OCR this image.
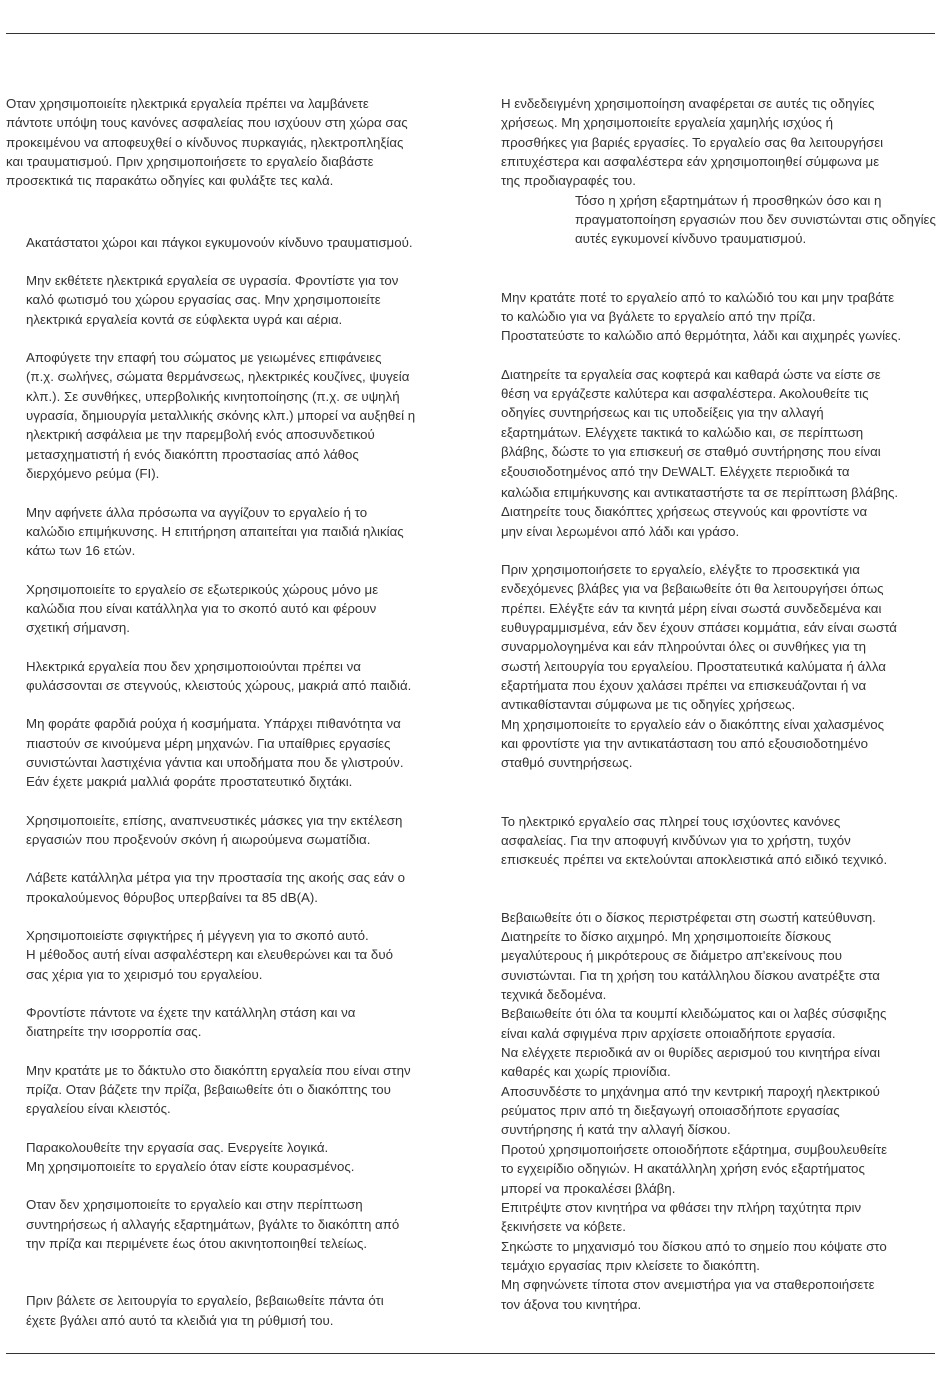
Οταν χρησιμοποιείτε ηλεκτρικά εργαλεία πρέπει να λαμβάνετε
πάντοτε υπόψη τους κανόνες ασφαλείας που ισχύουν στη χώρα σας
προκειμένου να αποφευχθεί ο κίνδυνος πυρκαγιάς, ηλεκτροπληξίας
και τραυματισμού. Πριν χρησιμοποιήσετε το εργαλείο διαβάστε
προσεκτικά τις παρακάτω οδηγίες και φυλάξτε τες καλά.

Ακατάστατοι χώροι και πάγκοι εγκυμονούν κίνδυνο τραυματισμού.

Μην εκθέτετε ηλεκτρικά εργαλεία σε υγρασία. Φροντίστε για τον
καλό φωτισμό του χώρου εργασίας σας. Μην χρησιμοποιείτε
ηλεκτρικά εργαλεία κοντά σε εύφλεκτα υγρά και αέρια.

Αποφύγετε την επαφή του σώματος με γειωμένες επιφάνειες
(π.χ. σωλήνες, σώματα θερμάνσεως, ηλεκτρικές κουζίνες, ψυγεία
κλπ.). Σε συνθήκες, υπερβολικής κινητοποίησης (π.χ. σε υψηλή
υγρασία, δημιουργία μεταλλικής σκόνης κλπ.) μπορεί να αυξηθεί η
ηλεκτρική ασφάλεια με την παρεμβολή ενός αποσυνδετικού
μετασχηματιστή ή ενός διακόπτη προστασίας από λάθος
διερχόμενο ρεύμα (FI).

Μην αφήνετε άλλα πρόσωπα να αγγίζουν το εργαλείο ή το
καλώδιο επιμήκυνσης. Η επιτήρηση απαιτείται για παιδιά ηλικίας
κάτω των 16 ετών.

Χρησιμοποιείτε το εργαλείο σε εξωτερικούς χώρους μόνο με
καλώδια που είναι κατάλληλα για το σκοπό αυτό και φέρουν
σχετική σήμανση.

Ηλεκτρικά εργαλεία που δεν χρησιμοποιούνται πρέπει να
φυλάσσονται σε στεγνούς, κλειστούς χώρους, μακριά από παιδιά.

Μη φοράτε φαρδιά ρούχα ή κοσμήματα. Υπάρχει πιθανότητα να
πιαστούν σε κινούμενα μέρη μηχανών. Για υπαίθριες εργασίες
συνιστώνται λαστιχένια γάντια και υποδήματα που δε γλιστρούν.
Εάν έχετε μακριά μαλλιά φοράτε προστατευτικό διχτάκι.

Χρησιμοποιείτε, επίσης, αναπνευστικές μάσκες για την εκτέλεση
εργασιών που προξενούν σκόνη ή αιωρούμενα σωματίδια.

Λάβετε κατάλληλα μέτρα για την προστασία της ακοής σας εάν ο
προκαλούμενος θόρυβος υπερβαίνει τα 85 dB(A).

Χρησιμοποιείστε σφιγκτήρες ή μέγγενη για το σκοπό αυτό.
Η μέθοδος αυτή είναι ασφαλέστερη και ελευθερώνει και τα δυό
σας χέρια για το χειρισμό του εργαλείου.

Φροντίστε πάντοτε να έχετε την κατάλληλη στάση και να
διατηρείτε την ισορροπία σας.

Μην κρατάτε με το δάκτυλο στο διακόπτη εργαλεία που είναι στην
πρίζα. Οταν βάζετε την πρίζα, βεβαιωθείτε ότι ο διακόπτης του
εργαλείου είναι κλειστός.

Παρακολουθείτε την εργασία σας. Ενεργείτε λογικά.
Μη χρησιμοποιείτε το εργαλείο όταν είστε κουρασμένος.

Οταν δεν χρησιμοποιείτε το εργαλείο και στην περίπτωση
συντηρήσεως ή αλλαγής εξαρτημάτων, βγάλτε το διακόπτη από
την πρίζα και περιμένετε έως ότου ακινητοποιηθεί τελείως.

Πριν βάλετε σε λειτουργία το εργαλείο, βεβαιωθείτε πάντα ότι
έχετε βγάλει από αυτό τα κλειδιά για τη ρύθμισή του.

Η ενδεδειγμένη χρησιμοποίηση αναφέρεται σε αυτές τις οδηγίες
χρήσεως. Μη χρησιμοποιείτε εργαλεία χαμηλής ισχύος ή
προσθήκες για βαριές εργασίες. Το εργαλείο σας θα λειτουργήσει
επιτυχέστερα και ασφαλέστερα εάν χρησιμοποιηθεί σύμφωνα με
της προδιαγραφές του.

Τόσο η χρήση εξαρτημάτων ή προσθηκών όσο και η
πραγματοποίηση εργασιών που δεν συνιστώνται στις οδηγίες
αυτές εγκυμονεί κίνδυνο τραυματισμού.

Μην κρατάτε ποτέ το εργαλείο από το καλώδιό του και μην τραβάτε
το καλώδιο για να βγάλετε το εργαλείο από την πρίζα.
Προστατεύστε το καλώδιο από θερμότητα, λάδι και αιχμηρές γωνίες.

Διατηρείτε τα εργαλεία σας κοφτερά και καθαρά ώστε να είστε σε
θέση να εργάζεστε καλύτερα και ασφαλέστερα. Ακολουθείτε τις
οδηγίες συντηρήσεως και τις υποδείξεις για την αλλαγή
εξαρτημάτων. Ελέγχετε τακτικά το καλώδιο και, σε περίπτωση
βλάβης, δώστε το για επισκευή σε σταθμό συντήρησης που είναι
εξουσιοδοτημένος από την DEWALT. Ελέγχετε περιοδικά τα
καλώδια επιμήκυνσης και αντικαταστήστε τα σε περίπτωση βλάβης.
Διατηρείτε τους διακόπτες χρήσεως στεγνούς και φροντίστε να
μην είναι λερωμένοι από λάδι και γράσο.

Πριν χρησιμοποιήσετε το εργαλείο, ελέγξτε το προσεκτικά για
ενδεχόμενες βλάβες για να βεβαιωθείτε ότι θα λειτουργήσει όπως
πρέπει. Ελέγξτε εάν τα κινητά μέρη είναι σωστά συνδεδεμένα και
ευθυγραμμισμένα, εάν δεν έχουν σπάσει κομμάτια, εάν είναι σωστά
συναρμολογημένα και εάν πληρούνται όλες οι συνθήκες για τη
σωστή λειτουργία του εργαλείου. Προστατευτικά καλύματα ή άλλα
εξαρτήματα που έχουν χαλάσει πρέπει να επισκευάζονται ή να
αντικαθίστανται σύμφωνα με τις οδηγίες χρήσεως.

Μη χρησιμοποιείτε το εργαλείο εάν ο διακόπτης είναι χαλασμένος
και φροντίστε για την αντικατάσταση του από εξουσιοδοτημένο
σταθμό συντηρήσεως.

Το ηλεκτρικό εργαλείο σας πληρεί τους ισχύοντες κανόνες
ασφαλείας. Για την αποφυγή κινδύνων για το χρήστη, τυχόν
επισκευές πρέπει να εκτελούνται αποκλειστικά από ειδικό τεχνικό.

Βεβαιωθείτε ότι ο δίσκος περιστρέφεται στη σωστή κατεύθυνση.
Διατηρείτε το δίσκο αιχμηρό. Μη χρησιμοποιείτε δίσκους
μεγαλύτερους ή μικρότερους σε διάμετρο απ'εκείνους που
συνιστώνται. Για τη χρήση του κατάλληλου δίσκου ανατρέξτε στα
τεχνικά δεδομένα.

Βεβαιωθείτε ότι όλα τα κουμπί κλειδώματος και οι λαβές σύσφιξης
είναι καλά σφιγμένα πριν αρχίσετε οποιαδήποτε εργασία.

Να ελέγχετε περιοδικά αν οι θυρίδες αερισμού του κινητήρα είναι
καθαρές και χωρίς πριονίδια.

Αποσυνδέστε το μηχάνημα από την κεντρική παροχή ηλεκτρικού
ρεύματος πριν από τη διεξαγωγή οποιασδήποτε εργασίας
συντήρησης ή κατά την αλλαγή δίσκου.

Προτού χρησιμοποιήσετε οποιοδήποτε εξάρτημα, συμβουλευθείτε
το εγχειρίδιο οδηγιών. Η ακατάλληλη χρήση ενός εξαρτήματος
μπορεί να προκαλέσει βλάβη.

Επιτρέψτε στον κινητήρα να φθάσει την πλήρη ταχύτητα πριν
ξεκινήσετε να κόβετε.

Σηκώστε το μηχανισμό του δίσκου από το σημείο που κόψατε στο
τεμάχιο εργασίας πριν κλείσετε το διακόπτη.

Μη σφηνώνετε τίποτα στον ανεμιστήρα για να σταθεροποιήσετε
τον άξονα του κινητήρα.
